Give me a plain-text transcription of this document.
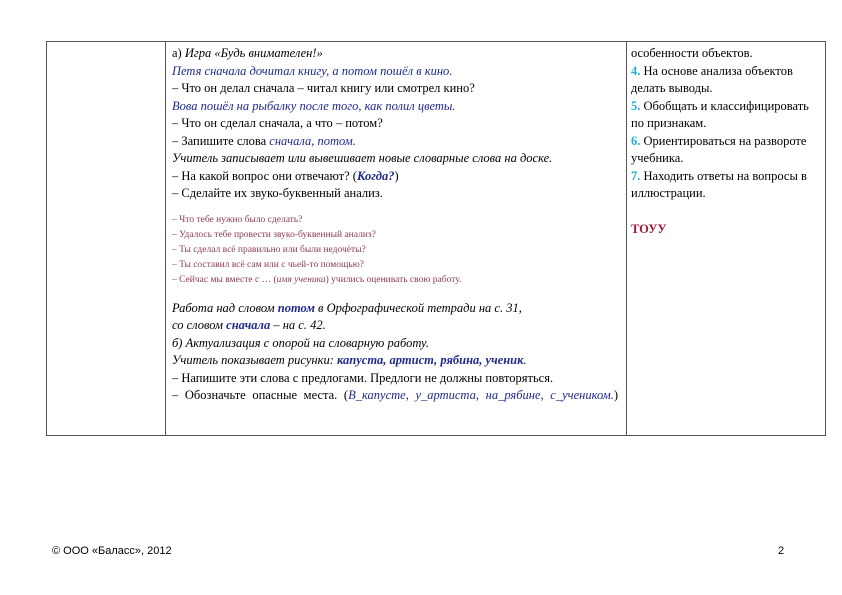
а) Игра «Будь внимателен!»
Петя сначала дочитал книгу, а потом пошёл в кино.
– Что он делал сначала – читал книгу или смотрел кино?
Вова пошёл на рыбалку после того, как полил цветы.
– Что он сделал сначала, а что – потом?
– Запишите слова сначала, потом.
Учитель записывает или вывешивает новые словарные слова на доске.
– На какой вопрос они отвечают? (Когда?)
– Сделайте их звуко-буквенный анализ.
– Что тебе нужно было сделать?
– Удалось тебе провести звуко-буквенный анализ?
– Ты сделал всё правильно или были недочёты?
– Ты составил всё сам или с чьей-то помощью?
– Сейчас мы вместе с … (имя ученика) учились оценивать свою работу.
Работа над словом потом в Орфографической тетради на с. 31,
со словом сначала – на с. 42.
б) Актуализация с опорой на словарную работу.
Учитель показывает рисунки: капуста, артист, рябина, ученик.
– Напишите эти слова с предлогами. Предлоги не должны повторяться.
– Обозначьте опасные места. (В_капусте, у_артиста, на_рябине, с_учеником.)
особенности объектов.
4. На основе анализа объектов делать выводы.
5. Обобщать и классифицировать по признакам.
6. Ориентироваться на развороте учебника.
7. Находить ответы на вопросы в иллюстрации.
ТОУУ
© ООО «Баласс», 2012	2
